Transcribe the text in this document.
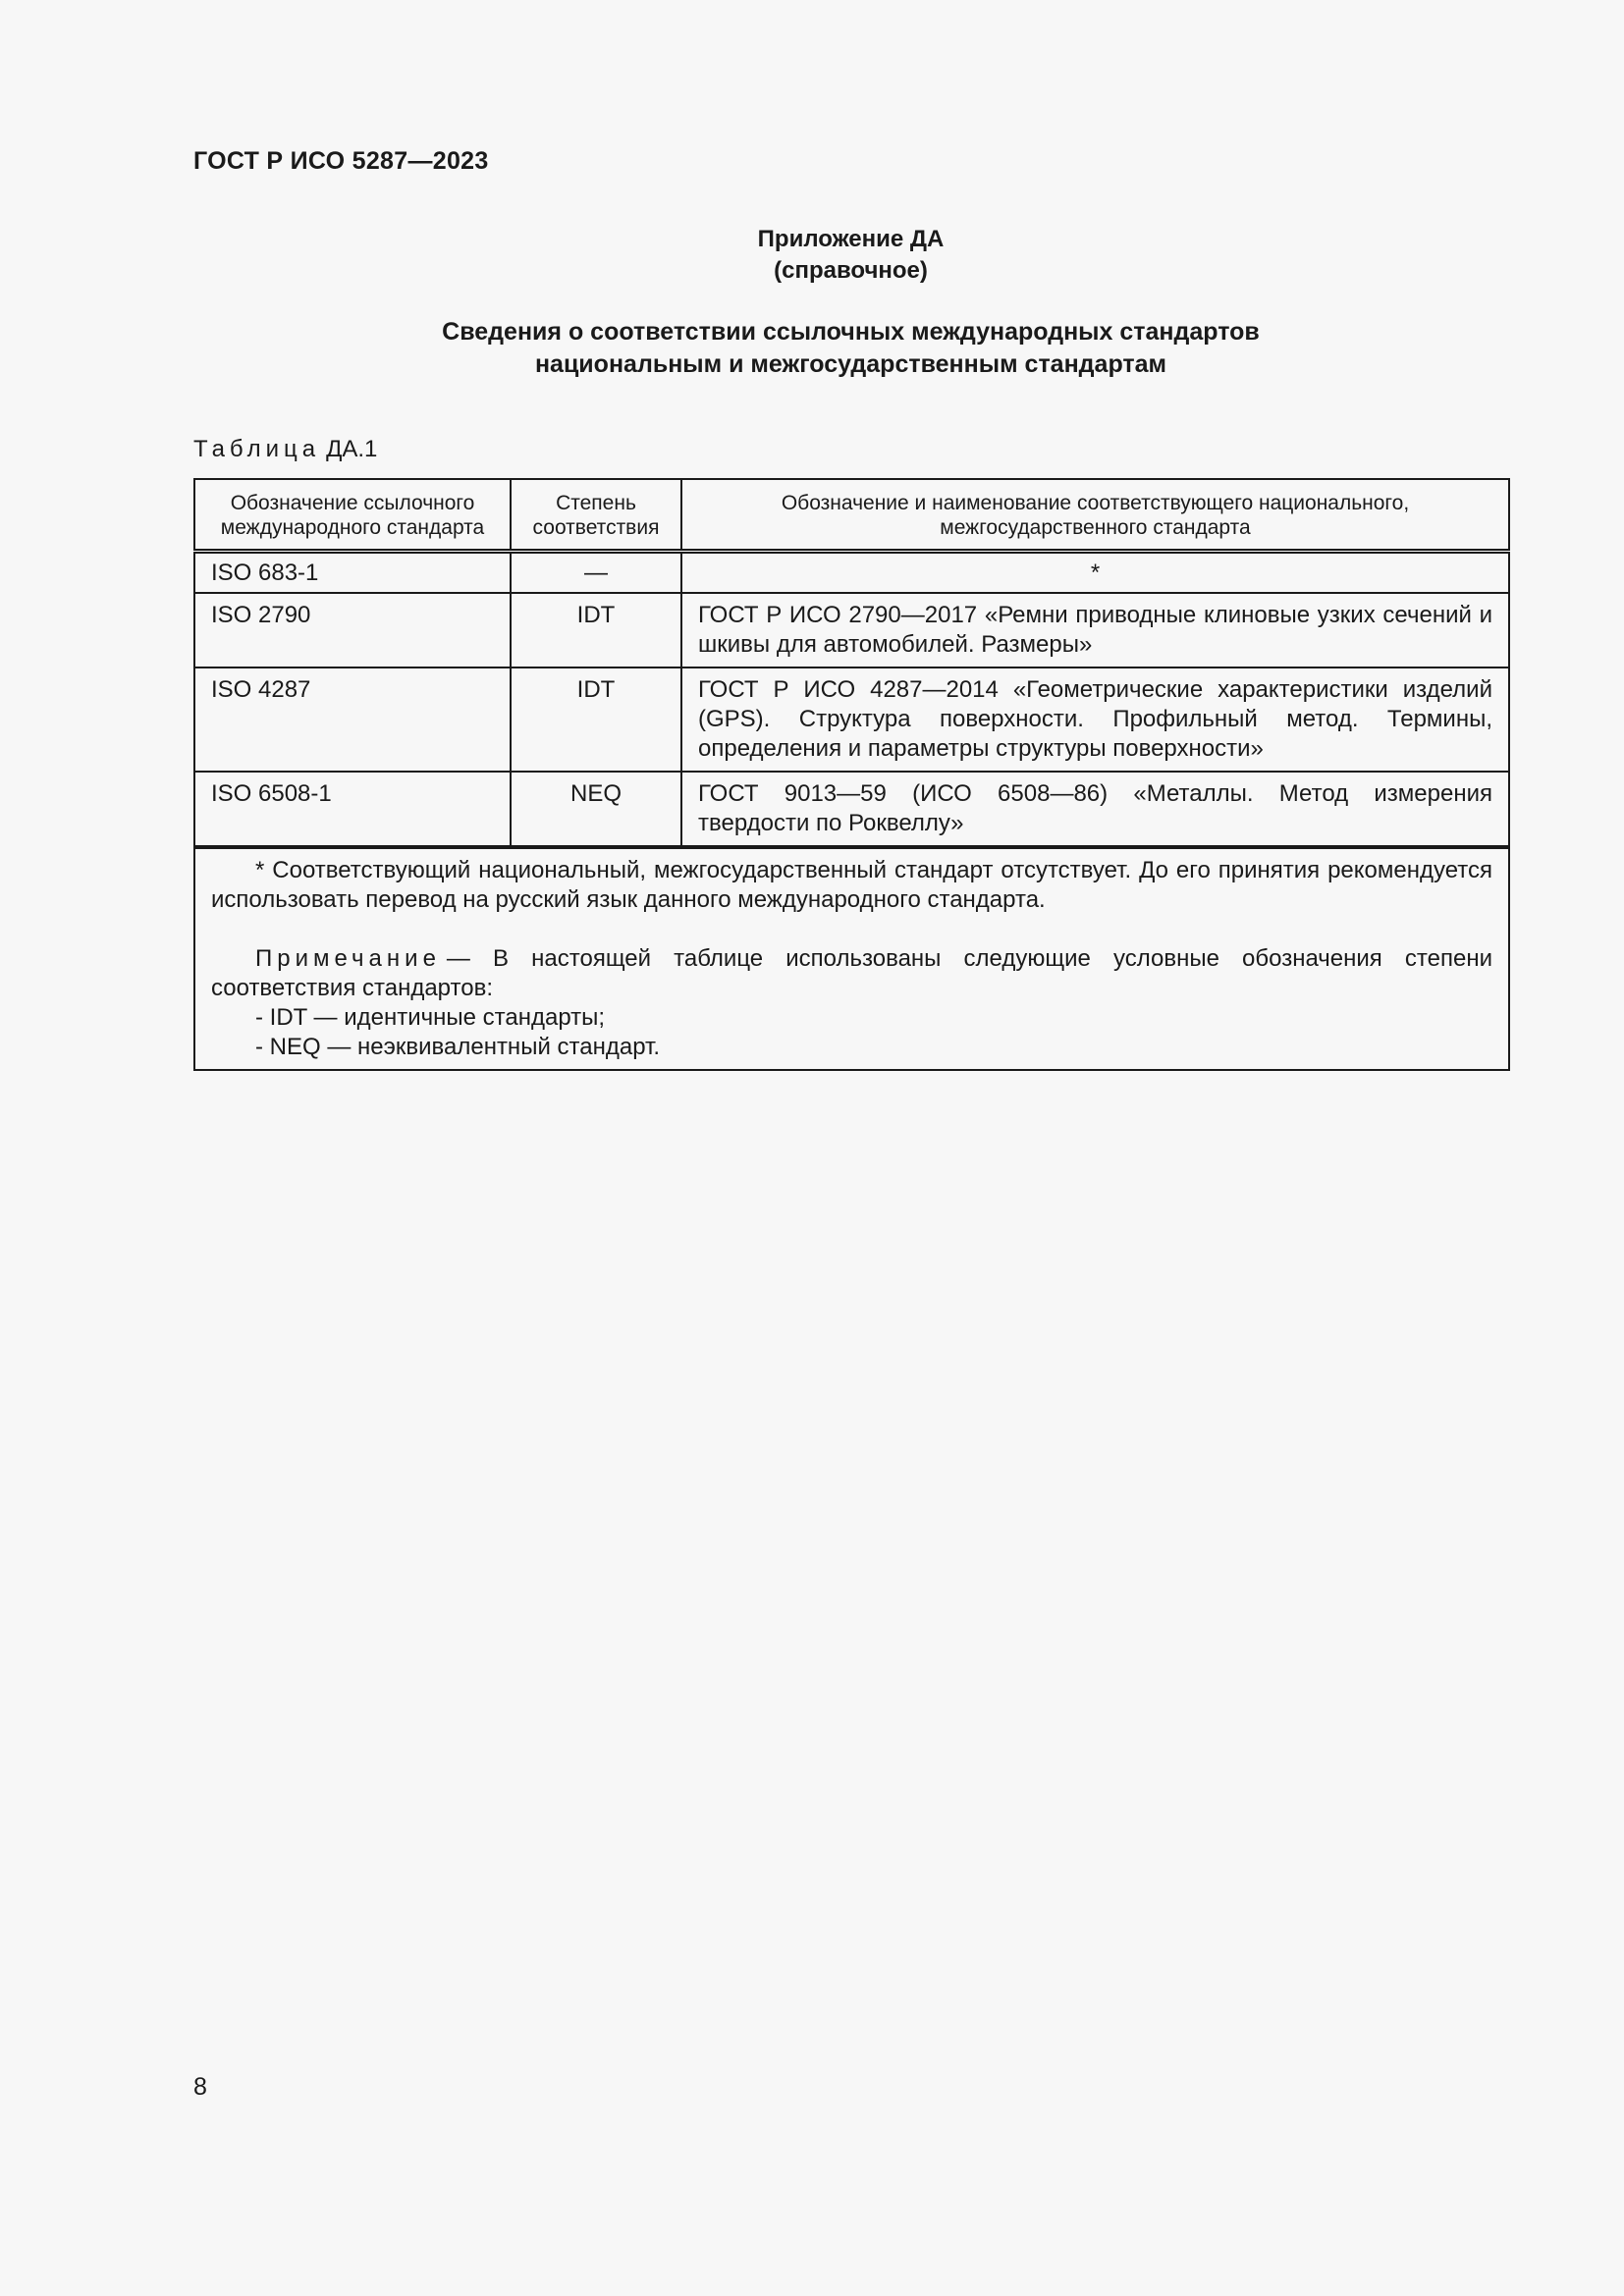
ГОСТ Р ИСО 5287—2023
Приложение ДА
(справочное)
Сведения о соответствии ссылочных международных стандартов
национальным и межгосударственным стандартам
Таблица ДА.1
Обозначение ссылочного международного стандарта	Степень соответствия	Обозначение и наименование соответствующего национального, межгосударственного стандарта
ISO 683-1	—	*
ISO 2790	IDT	ГОСТ Р ИСО 2790—2017 «Ремни приводные клиновые узких сечений и шкивы для автомобилей. Размеры»
ISO 4287	IDT	ГОСТ Р ИСО 4287—2014 «Геометрические характеристики изделий (GPS). Структура поверхности. Профильный метод. Термины, определения и параметры структуры поверхности»
ISO 6508-1	NEQ	ГОСТ 9013—59 (ИСО 6508—86) «Металлы. Метод измерения твердости по Роквеллу»

* Соответствующий национальный, межгосударственный стандарт отсутствует. До его принятия рекомендуется использовать перевод на русский язык данного международного стандарта.

Примечание — В настоящей таблице использованы следующие условные обозначения степени соответствия стандартов:

- IDT — идентичные стандарты;
- NEQ — неэквивалентный стандарт.		
8
